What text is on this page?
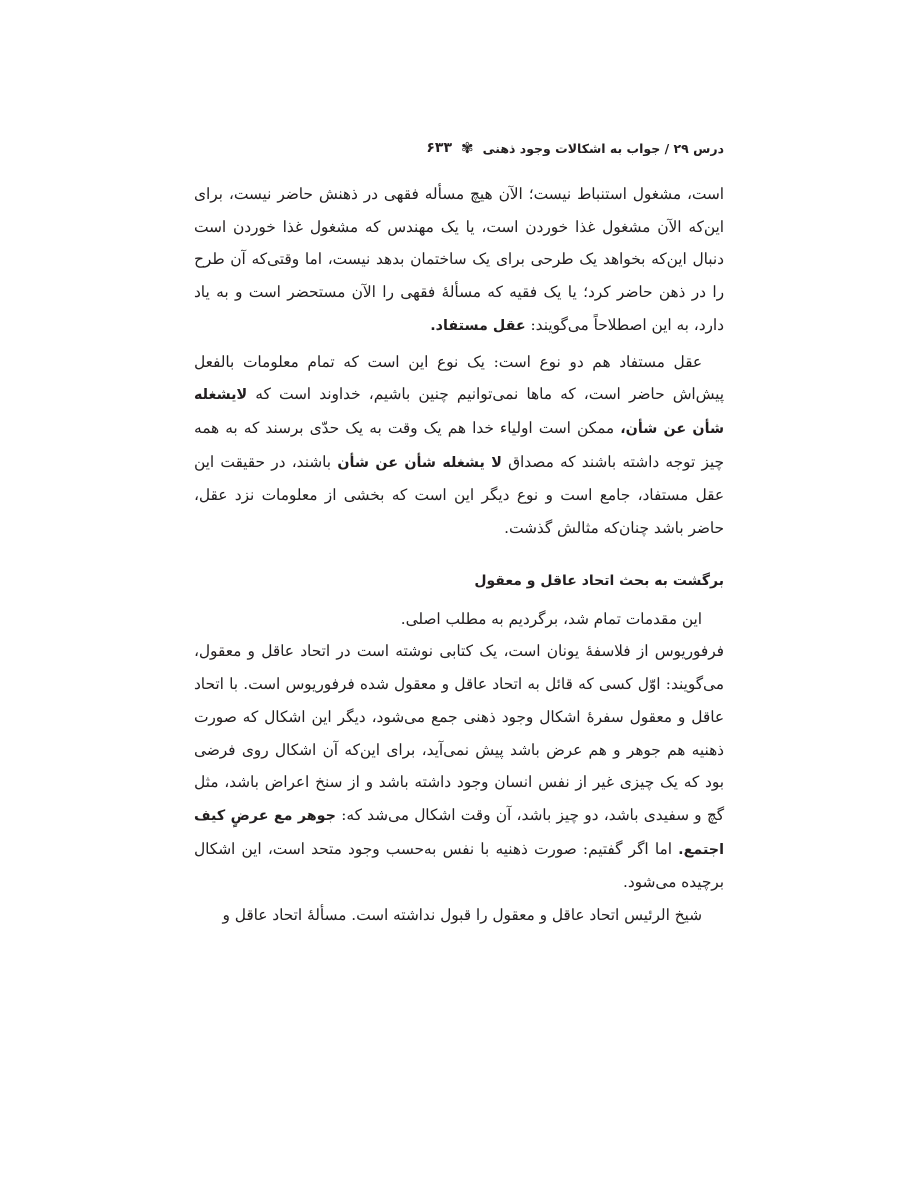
درس ۲۹ / جواب به اشکالات وجود ذهنی
✾
۶۳۳

است، مشغول استنباط نیست؛ الآن هیچ مسأله فقهی در ذهنش حاضر نیست، برای این‌که الآن مشغول غذا خوردن است، یا یک مهندس که مشغول غذا خوردن است دنبال این‌که بخواهد یک طرحی برای یک ساختمان بدهد نیست، اما وقتی‌که آن طرح را در ذهن حاضر کرد؛ یا یک فقیه که مسألهٔ فقهی را الآن مستحضر است و به یاد دارد، به این اصطلاحاً می‌گویند: عقل مستفاد.

عقل مستفاد هم دو نوع است: یک نوع این است که تمام معلومات بالفعل پیش‌اش حاضر است، که ماها نمی‌توانیم چنین باشیم، خداوند است که لایشغله شأن عن شأن، ممکن است اولیاء خدا هم یک وقت به یک حدّی برسند که به همه چیز توجه داشته باشند که مصداق لا یشغله شأن عن شأن باشند، در حقیقت این عقل مستفاد، جامع است و نوع دیگر این است که بخشی از معلومات نزد عقل، حاضر باشد چنان‌که مثالش گذشت.

برگشت به بحث اتحاد عاقل و معقول

این مقدمات تمام شد، برگردیم به مطلب اصلی.

فرفوریوس از فلاسفهٔ یونان است، یک کتابی نوشته است در اتحاد عاقل و معقول، می‌گویند: اوّل کسی که قائل به اتحاد عاقل و معقول شده فرفوریوس است. با اتحاد عاقل و معقول سفرهٔ اشکال وجود ذهنی جمع می‌شود، دیگر این اشکال که صورت ذهنیه هم جوهر و هم عرض باشد پیش نمی‌آید، برای این‌که آن اشکال روی فرضی بود که یک چیزی غیر از نفس انسان وجود داشته باشد و از سنخ اعراض باشد، مثل گچ و سفیدی باشد، دو چیز باشد، آن وقت اشکال می‌شد که: جوهر مع عرضٍ کیف اجتمع. اما اگر گفتیم: صورت ذهنیه با نفس به‌حسب وجود متحد است، این اشکال برچیده می‌شود.

شیخ الرئیس اتحاد عاقل و معقول را قبول نداشته است. مسألهٔ اتحاد عاقل و
